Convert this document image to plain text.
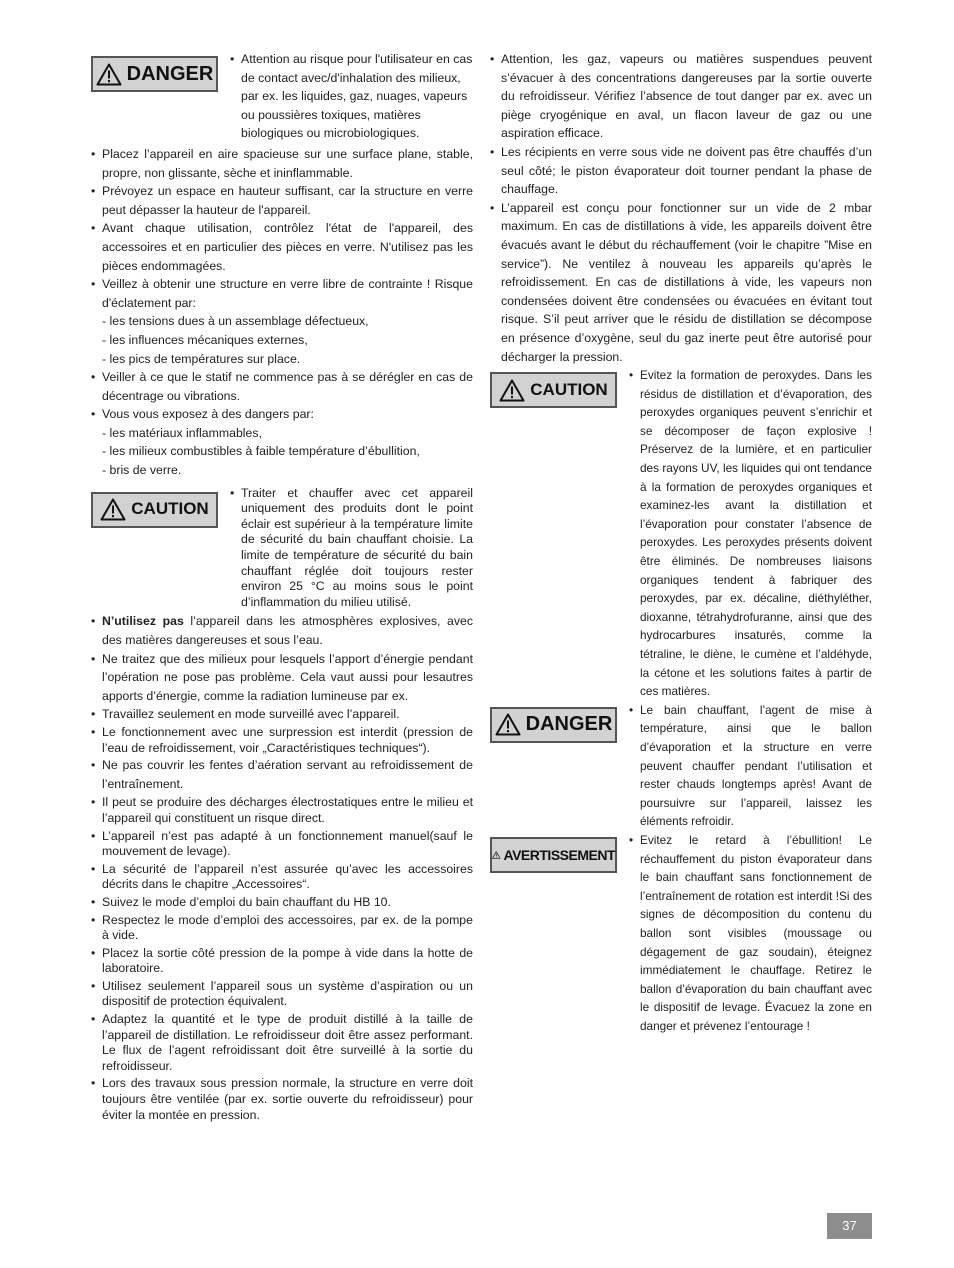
DANGER

• Attention au risque pour l'utilisateur en cas de contact avec/d'inhalation des milieux, par ex. les liquides, gaz, nuages, vapeurs ou poussières toxiques, matières biologiques ou microbiologiques.

• Placez l’appareil en aire spacieuse sur une surface plane, stable, propre, non glissante, sèche et ininflammable.

• Prévoyez un espace en hauteur suffisant, car la structure en verre peut dépasser la hauteur de l'appareil.

• Avant chaque utilisation, contrôlez l'état de l'appareil, des accessoires et en particulier des pièces en verre. N'utilisez pas les pièces endommagées.

• Veillez à obtenir une structure en verre libre de contrainte ! Risque d'éclatement par:

- les tensions dues à un assemblage défectueux,

- les influences mécaniques externes,

- les pics de températures sur place.

• Veiller à ce que le statif ne commence pas à se dérégler en cas de décentrage ou vibrations.

• Vous vous exposez à des dangers par:

- les matériaux inflammables,

- les milieux combustibles à faible température d’ébullition,

- bris de verre.

CAUTION

• Traiter et chauffer avec cet appareil uniquement des produits dont le point éclair est supérieur à la température limite de sécurité du bain chauffant choisie. La limite de température de sécurité du bain chauffant réglée doit toujours rester environ 25 °C au moins sous le point d’inflammation du milieu utilisé.

• N’utilisez pas l’appareil dans les atmosphères explosives, avec des matières dangereuses et sous l’eau.

• Ne traitez que des milieux pour lesquels l’apport d’énergie pendant l’opération ne pose pas problème. Cela vaut aussi pour lesautres apports d’énergie, comme la radiation lumineuse par ex.

• Travaillez seulement en mode surveillé avec l’appareil.

• Le fonctionnement avec une surpression est interdit (pression de l’eau de refroidissement, voir „Caractéristiques techniques“).

• Ne pas couvrir les fentes d’aération servant au refroidissement de l’entraînement.

• Il peut se produire des décharges électrostatiques entre le milieu et l’appareil qui constituent un risque direct.

• L’appareil n’est pas adapté à un fonctionnement manuel(sauf le mouvement de levage).

• La sécurité de l’appareil n’est assurée qu’avec les accessoires décrits dans le chapitre „Accessoires“.

• Suivez le mode d’emploi du bain chauffant du HB 10.

• Respectez le mode d’emploi des accessoires, par ex. de la pompe à vide.

• Placez la sortie côté pression de la pompe à vide dans la hotte de laboratoire.

• Utilisez seulement l’appareil sous un système d’aspiration ou un dispositif de protection équivalent.

• Adaptez la quantité et le type de produit distillé à la taille de l’appareil de distillation. Le refroidisseur doit être assez performant. Le flux de l’agent refroidissant doit être surveillé à la sortie du refroidisseur.

• Lors des travaux sous pression normale, la structure en verre doit toujours être ventilée (par ex. sortie ouverte du refroidisseur) pour éviter la montée en pression.

• Attention, les gaz, vapeurs ou matières suspendues peuvent s’évacuer à des concentrations dangereuses par la sortie ouverte du refroidisseur. Vérifiez l’absence de tout danger par ex. avec un piège cryogénique en aval, un flacon laveur de gaz ou une aspiration efficace.

• Les récipients en verre sous vide ne doivent pas être chauffés d’un seul côté; le piston évaporateur doit tourner pendant la phase de chauffage.

• L’appareil est conçu pour fonctionner sur un vide de 2 mbar maximum. En cas de distillations à vide, les appareils doivent être évacués avant le début du réchauffement (voir le chapitre ”Mise en service”). Ne ventilez à nouveau les appareils qu’après le refroidissement. En cas de distillations à vide, les vapeurs non condensées doivent être condensées ou évacuées en évitant tout risque. S’il peut arriver que le résidu de distillation se décompose en présence d’oxygène, seul du gaz inerte peut être autorisé pour décharger la pression.

CAUTION

• Evitez la formation de peroxydes. Dans les résidus de distillation et d’évaporation, des peroxydes organiques peuvent s’enrichir et se décomposer de façon explosive ! Préservez de la lumière, et en particulier des rayons UV, les liquides qui ont tendance à la formation de peroxydes organiques et examinez-les avant la distillation et l’évaporation pour constater l’absence de peroxydes. Les peroxydes présents doivent être éliminés. De nombreuses liaisons organiques tendent à fabriquer des peroxydes, par ex. décaline, diéthyléther, dioxanne, tétrahydrofuranne, ainsi que des hydrocarbures insaturés, comme la tétraline, le diène, le cumène et l’aldéhyde, la cétone et les solutions faites à partir de ces matières.

DANGER

• Le bain chauffant, l’agent de mise à température, ainsi que le ballon d’évaporation et la structure en verre peuvent chauffer pendant l’utilisation et rester chauds longtemps après! Avant de poursuivre sur l’appareil, laissez les éléments refroidir.

AVERTISSEMENT

• Evitez le retard à l’ébullition! Le réchauffement du piston évaporateur dans le bain chauffant sans fonctionnement de l’entraînement de rotation est interdit !Si des signes de décomposition du contenu du ballon sont visibles (moussage ou dégagement de gaz soudain), éteignez immédiatement le chauffage. Retirez le ballon d’évaporation du bain chauffant avec le dispositif de levage. Évacuez la zone en danger et prévenez l’entourage !

37
